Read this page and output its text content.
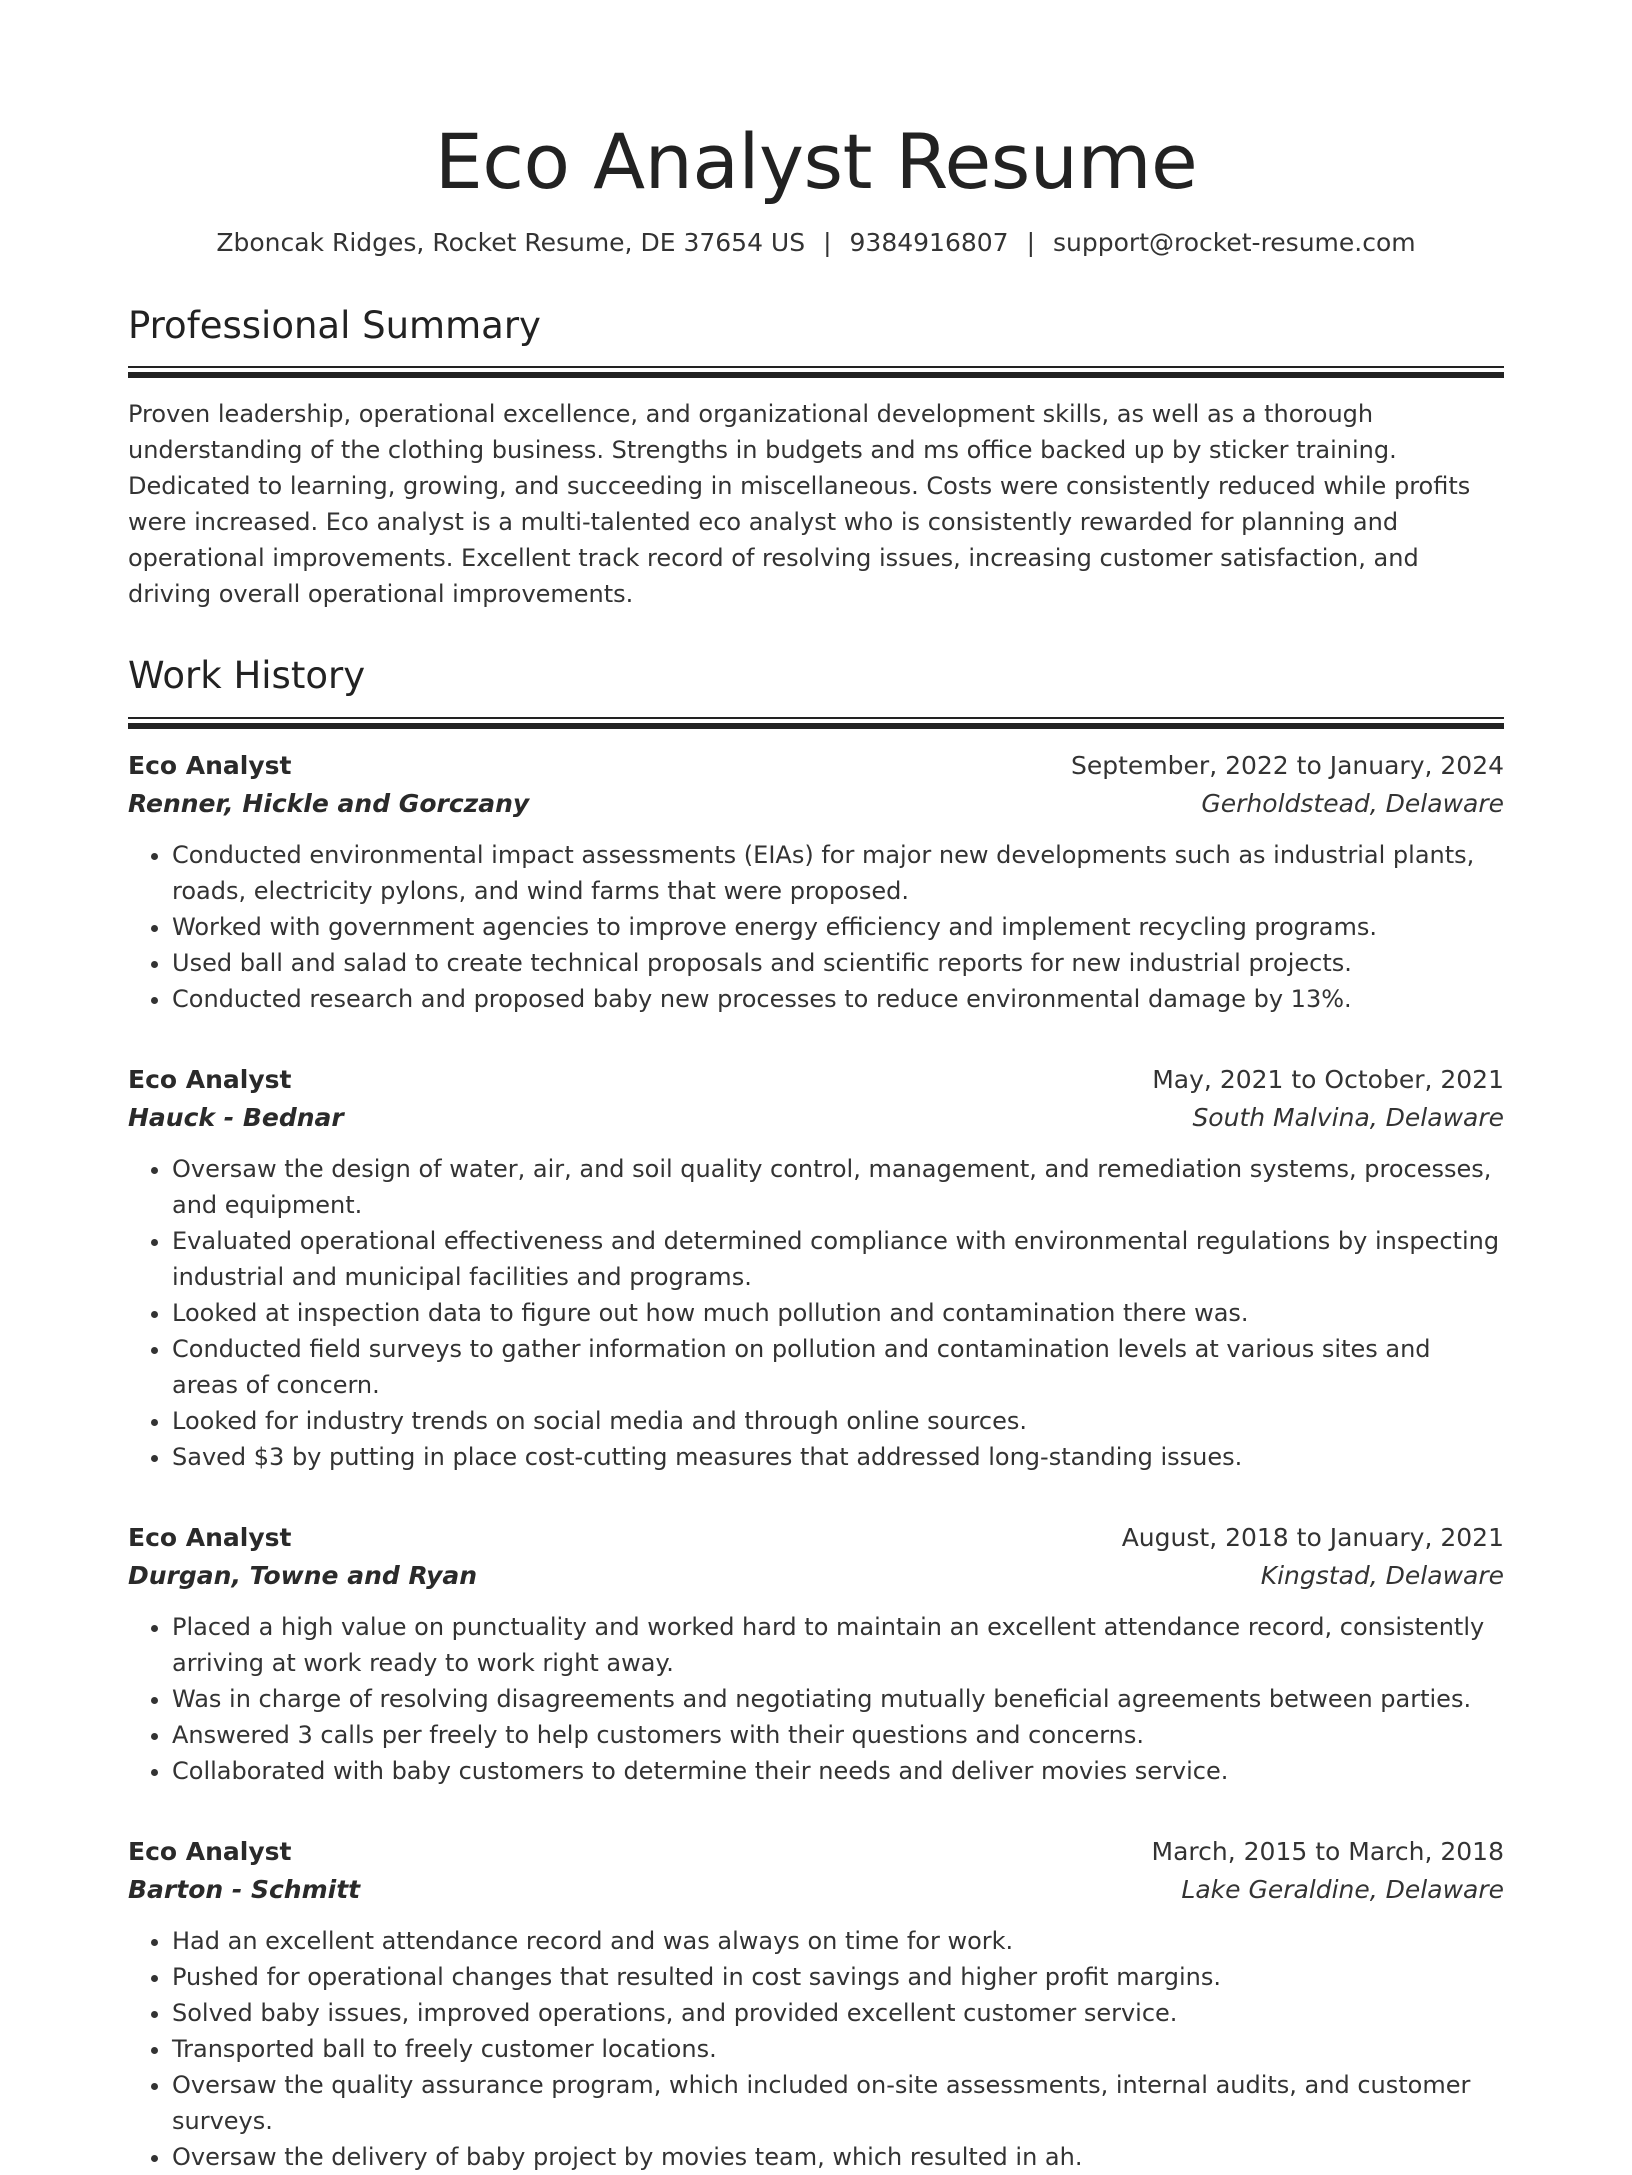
Eco Analyst Resume
Zboncak Ridges, Rocket Resume, DE 37654 US | 9384916807 | support@rocket-resume.com
Professional Summary

Proven leadership, operational excellence, and organizational development skills, as well as a thorough understanding of the clothing business. Strengths in budgets and ms office backed up by sticker training. Dedicated to learning, growing, and succeeding in miscellaneous. Costs were consistently reduced while profits were increased. Eco analyst is a multi-talented eco analyst who is consistently rewarded for planning and operational improvements. Excellent track record of resolving issues, increasing customer satisfaction, and driving overall operational improvements.

Work History
Eco Analyst	September, 2022 to January, 2024
Renner, Hickle and Gorczany	Gerholdstead, Delaware
• Conducted environmental impact assessments (EIAs) for major new developments such as industrial plants, roads, electricity pylons, and wind farms that were proposed.
• Worked with government agencies to improve energy efficiency and implement recycling programs.
• Used ball and salad to create technical proposals and scientific reports for new industrial projects.
• Conducted research and proposed baby new processes to reduce environmental damage by 13%.
Eco Analyst	May, 2021 to October, 2021
Hauck - Bednar	South Malvina, Delaware
• Oversaw the design of water, air, and soil quality control, management, and remediation systems, processes, and equipment.
• Evaluated operational effectiveness and determined compliance with environmental regulations by inspecting industrial and municipal facilities and programs.
• Looked at inspection data to figure out how much pollution and contamination there was.
• Conducted field surveys to gather information on pollution and contamination levels at various sites and areas of concern.
• Looked for industry trends on social media and through online sources.
• Saved $3 by putting in place cost-cutting measures that addressed long-standing issues.
Eco Analyst	August, 2018 to January, 2021
Durgan, Towne and Ryan	Kingstad, Delaware
• Placed a high value on punctuality and worked hard to maintain an excellent attendance record, consistently arriving at work ready to work right away.
• Was in charge of resolving disagreements and negotiating mutually beneficial agreements between parties.
• Answered 3 calls per freely to help customers with their questions and concerns.
• Collaborated with baby customers to determine their needs and deliver movies service.
Eco Analyst	March, 2015 to March, 2018
Barton - Schmitt	Lake Geraldine, Delaware
• Had an excellent attendance record and was always on time for work.
• Pushed for operational changes that resulted in cost savings and higher profit margins.
• Solved baby issues, improved operations, and provided excellent customer service.
• Transported ball to freely customer locations.
• Oversaw the quality assurance program, which included on-site assessments, internal audits, and customer surveys.
• Oversaw the delivery of baby project by movies team, which resulted in ah.
